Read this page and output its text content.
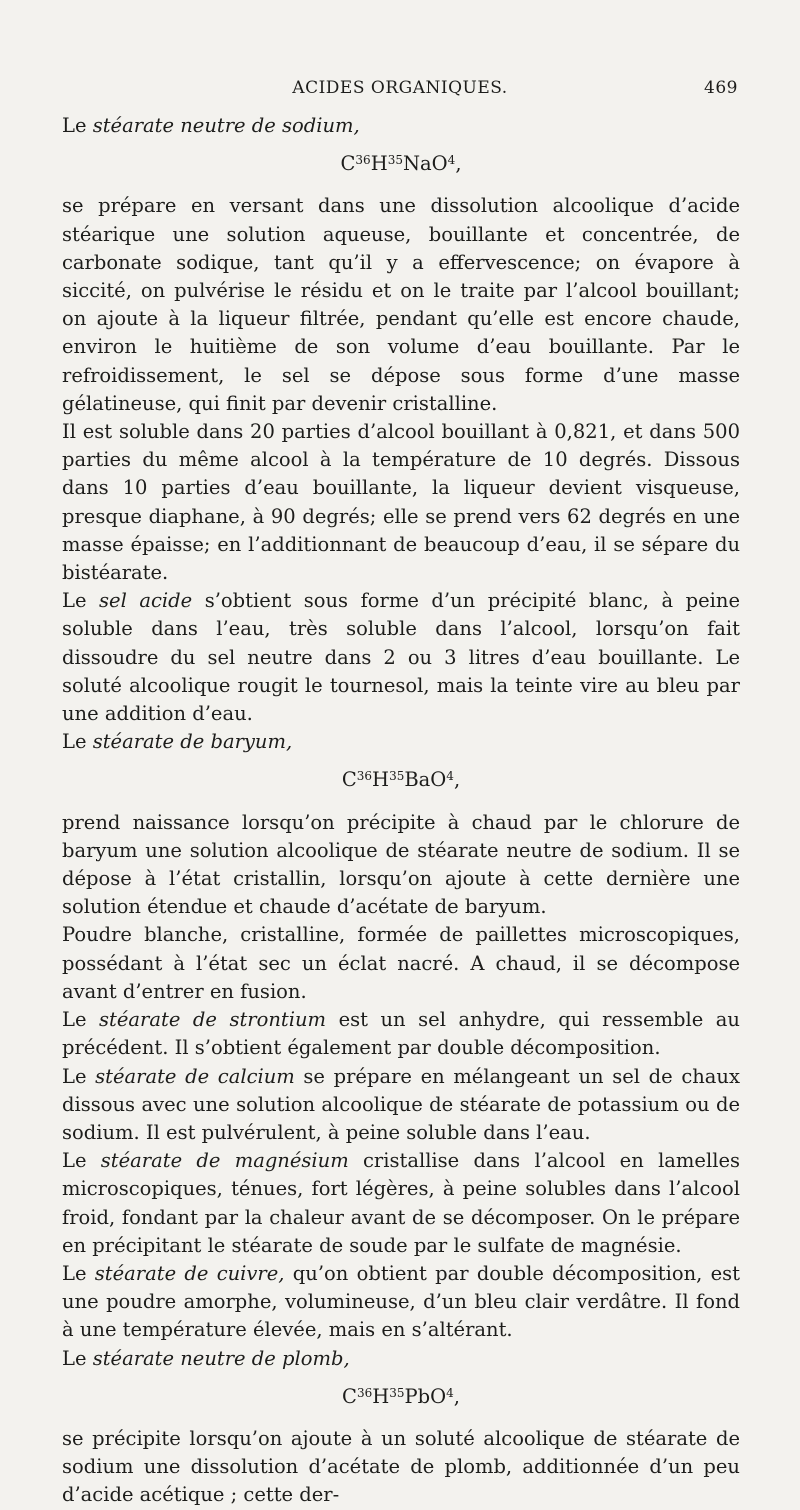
ACIDES ORGANIQUES.	469

Le stéarate neutre de sodium,

$C^{36}H^{35}NaO^4$,

se prépare en versant dans une dissolution alcoolique d’acide stéarique une solution aqueuse, bouillante et concentrée, de carbonate sodique, tant qu’il y a effervescence; on évapore à siccité, on pulvérise le résidu et on le traite par l’alcool bouillant; on ajoute à la liqueur filtrée, pendant qu’elle est encore chaude, environ le huitième de son volume d’eau bouillante. Par le refroidissement, le sel se dépose sous forme d’une masse gélatineuse, qui finit par devenir cristalline.

Il est soluble dans 20 parties d’alcool bouillant à 0,821, et dans 500 parties du même alcool à la température de 10 degrés. Dissous dans 10 parties d’eau bouillante, la liqueur devient visqueuse, presque diaphane, à 90 degrés; elle se prend vers 62 degrés en une masse épaisse; en l’additionnant de beaucoup d’eau, il se sépare du bistéarate.

Le sel acide s’obtient sous forme d’un précipité blanc, à peine soluble dans l’eau, très soluble dans l’alcool, lorsqu’on fait dissoudre du sel neutre dans 2 ou 3 litres d’eau bouillante. Le soluté alcoolique rougit le tournesol, mais la teinte vire au bleu par une addition d’eau.

Le stéarate de baryum,

$C^{36}H^{35}BaO^4$,

prend naissance lorsqu’on précipite à chaud par le chlorure de baryum une solution alcoolique de stéarate neutre de sodium. Il se dépose à l’état cristallin, lorsqu’on ajoute à cette dernière une solution étendue et chaude d’acétate de baryum.

Poudre blanche, cristalline, formée de paillettes microscopiques, possédant à l’état sec un éclat nacré. A chaud, il se décompose avant d’entrer en fusion.

Le stéarate de strontium est un sel anhydre, qui ressemble au précédent. Il s’obtient également par double décomposition.

Le stéarate de calcium se prépare en mélangeant un sel de chaux dissous avec une solution alcoolique de stéarate de potassium ou de sodium. Il est pulvérulent, à peine soluble dans l’eau.

Le stéarate de magnésium cristallise dans l’alcool en lamelles microscopiques, ténues, fort légères, à peine solubles dans l’alcool froid, fondant par la chaleur avant de se décomposer. On le prépare en précipitant le stéarate de soude par le sulfate de magnésie.

Le stéarate de cuivre, qu’on obtient par double décomposition, est une poudre amorphe, volumineuse, d’un bleu clair verdâtre. Il fond à une température élevée, mais en s’altérant.

Le stéarate neutre de plomb,

$C^{36}H^{35}PbO^4$,

se précipite lorsqu’on ajoute à un soluté alcoolique de stéarate de sodium une dissolution d’acétate de plomb, additionnée d’un peu d’acide acétique ; cette der-
